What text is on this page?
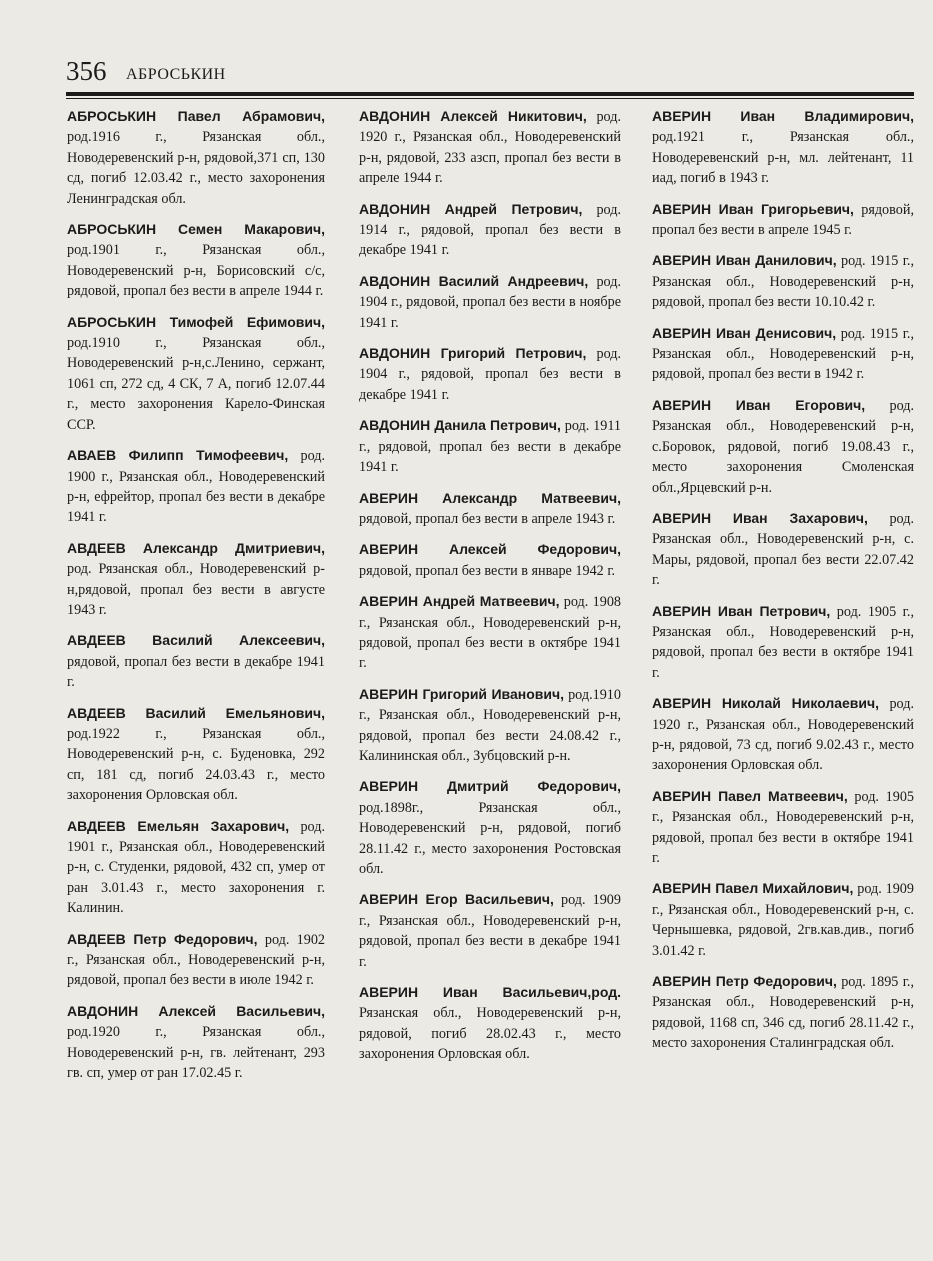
356 АБРОСЬКИН

АБРОСЬКИН Павел Абрамович, род.1916 г., Рязанская обл., Новодеревенский р-н, рядовой,371 сп, 130 сд, погиб 12.03.42 г., место захоронения Ленинградская обл.

АБРОСЬКИН Семен Макарович, род.1901 г., Рязанская обл., Новодеревенский р-н, Борисовский с/с, рядовой, пропал без вести в апреле 1944 г.

АБРОСЬКИН Тимофей Ефимович, род.1910 г., Рязанская обл., Новодеревенский р-н,с.Ленино, сержант, 1061 сп, 272 сд, 4 СК, 7 А, погиб 12.07.44 г., место захоронения Карело-Финская ССР.

АВАЕВ Филипп Тимофеевич, род. 1900 г., Рязанская обл., Новодеревенский р-н, ефрейтор, пропал без вести в декабре 1941 г.

АВДЕЕВ Александр Дмитриевич, род. Рязанская обл., Новодеревенский р-н,рядовой, пропал без вести в августе 1943 г.

АВДЕЕВ Василий Алексеевич, рядовой, пропал без вести в декабре 1941 г.

АВДЕЕВ Василий Емельянович, род.1922 г., Рязанская обл., Новодеревенский р-н, с. Буденовка, 292 сп, 181 сд, погиб 24.03.43 г., место захоронения Орловская обл.

АВДЕЕВ Емельян Захарович, род. 1901 г., Рязанская обл., Новодеревенский р-н, с. Студенки, рядовой, 432 сп, умер от ран 3.01.43 г., место захоронения г. Калинин.

АВДЕЕВ Петр Федорович, род. 1902 г., Рязанская обл., Новодеревенский р-н, рядовой, пропал без вести в июле 1942 г.

АВДОНИН Алексей Васильевич, род.1920 г., Рязанская обл., Новодеревенский р-н, гв. лейтенант, 293 гв. сп, умер от ран 17.02.45 г.

АВДОНИН Алексей Никитович, род. 1920 г., Рязанская обл., Новодеревенский р-н, рядовой, 233 азсп, пропал без вести в апреле 1944 г.

АВДОНИН Андрей Петрович, род. 1914 г., рядовой, пропал без вести в декабре 1941 г.

АВДОНИН Василий Андреевич, род. 1904 г., рядовой, пропал без вести в ноябре 1941 г.

АВДОНИН Григорий Петрович, род. 1904 г., рядовой, пропал без вести в декабре 1941 г.

АВДОНИН Данила Петрович, род. 1911 г., рядовой, пропал без вести в декабре 1941 г.

АВЕРИН Александр Матвеевич, рядовой, пропал без вести в апреле 1943 г.

АВЕРИН Алексей Федорович, рядовой, пропал без вести в январе 1942 г.

АВЕРИН Андрей Матвеевич, род. 1908 г., Рязанская обл., Новодеревенский р-н, рядовой, пропал без вести в октябре 1941 г.

АВЕРИН Григорий Иванович, род.1910 г., Рязанская обл., Новодеревенский р-н, рядовой, пропал без вести 24.08.42 г., Калининская обл., Зубцовский р-н.

АВЕРИН Дмитрий Федорович, род.1898г., Рязанская обл., Новодеревенский р-н, рядовой, погиб 28.11.42 г., место захоронения Ростовская обл.

АВЕРИН Егор Васильевич, род. 1909 г., Рязанская обл., Новодеревенский р-н, рядовой, пропал без вести в декабре 1941 г.

АВЕРИН Иван Васильевич,род. Рязанская обл., Новодеревенский р-н, рядовой, погиб 28.02.43 г., место захоронения Орловская обл.

АВЕРИН Иван Владимирович, род.1921 г., Рязанская обл., Новодеревенский р-н, мл. лейтенант, 11 иад, погиб в 1943 г.

АВЕРИН Иван Григорьевич, рядовой, пропал без вести в апреле 1945 г.

АВЕРИН Иван Данилович, род. 1915 г., Рязанская обл., Новодеревенский р-н, рядовой, пропал без вести 10.10.42 г.

АВЕРИН Иван Денисович, род. 1915 г., Рязанская обл., Новодеревенский р-н, рядовой, пропал без вести в 1942 г.

АВЕРИН Иван Егорович, род. Рязанская обл., Новодеревенский р-н, с.Боровок, рядовой, погиб 19.08.43 г., место захоронения Смоленская обл.,Ярцевский р-н.

АВЕРИН Иван Захарович, род. Рязанская обл., Новодеревенский р-н, с. Мары, рядовой, пропал без вести 22.07.42 г.

АВЕРИН Иван Петрович, род. 1905 г., Рязанская обл., Новодеревенский р-н, рядовой, пропал без вести в октябре 1941 г.

АВЕРИН Николай Николаевич, род. 1920 г., Рязанская обл., Новодеревенский р-н, рядовой, 73 сд, погиб 9.02.43 г., место захоронения Орловская обл.

АВЕРИН Павел Матвеевич, род. 1905 г., Рязанская обл., Новодеревенский р-н, рядовой, пропал без вести в октябре 1941 г.

АВЕРИН Павел Михайлович, род. 1909 г., Рязанская обл., Новодеревенский р-н, с. Чернышевка, рядовой, 2гв.кав.див., погиб 3.01.42 г.

АВЕРИН Петр Федорович, род. 1895 г., Рязанская обл., Новодеревенский р-н, рядовой, 1168 сп, 346 сд, погиб 28.11.42 г., место захоронения Сталинградская обл.
